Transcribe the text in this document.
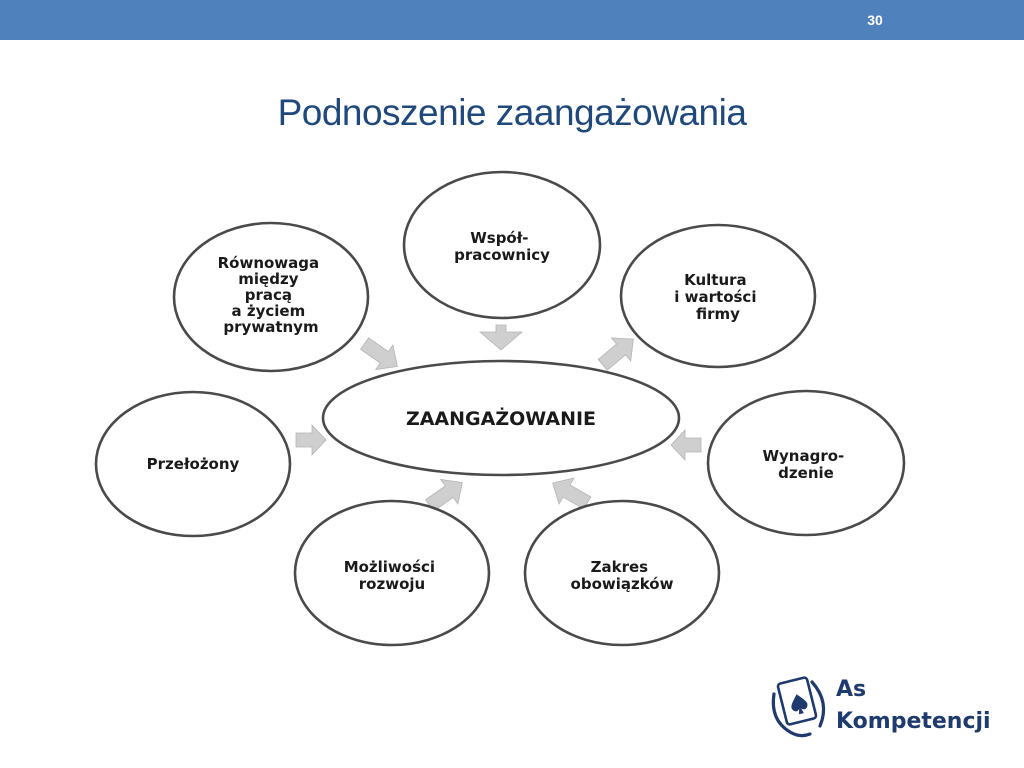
30
Podnoszenie zaangażowania
ZAANGAŻOWANIE
Współ- pracownicy
Kultura i wartości firmy
Wynagro- dzenie
Zakres obowiązków
Możliwości rozwoju
Przełożony
Równowaga między pracą a życiem prywatnym
As
Kompetencji
